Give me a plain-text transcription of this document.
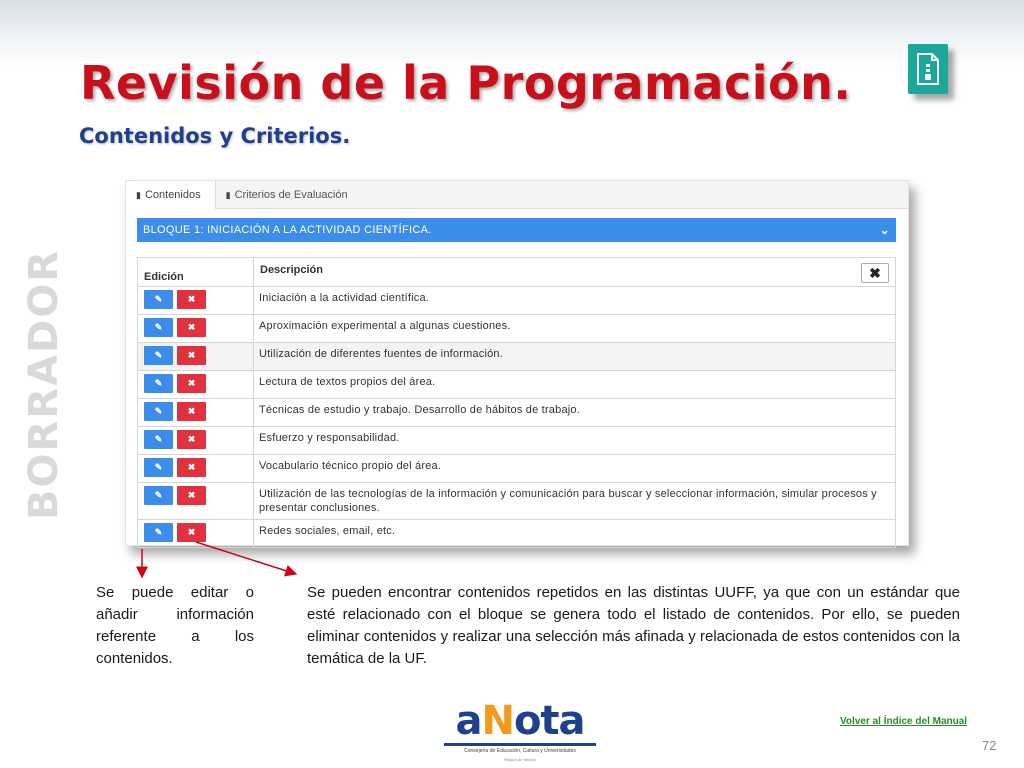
Revisión de la Programación.
Contenidos y Criterios.
BORRADOR
▮ Contenidos	▮ Criterios de Evaluación
BLOQUE 1: INICIACIÓN A LA ACTIVIDAD CIENTÍFICA.	⌄
Edición	Descripción ✖

✎ ✖	Iniciación a la actividad científica.

✎ ✖	Aproximación experimental a algunas cuestiones.

✎ ✖	Utilización de diferentes fuentes de información.

✎ ✖	Lectura de textos propios del área.

✎ ✖	Técnicas de estudio y trabajo. Desarrollo de hábitos de trabajo.

✎ ✖	Esfuerzo y responsabilidad.

✎ ✖	Vocabulario técnico propio del área.

✎ ✖	Utilización de las tecnologías de la información y comunicación para buscar y seleccionar información, simular procesos y presentar conclusiones.

✎ ✖	Redes sociales, email, etc.
Se puede editar o añadir información referente a los contenidos.
Se pueden encontrar contenidos repetidos en las distintas UUFF, ya que con un estándar que esté relacionado con el bloque se genera todo el listado de contenidos. Por ello, se pueden eliminar contenidos y realizar una selección más afinada y relacionada de estos contenidos con la temática de la UF.
aNota
Consejería de Educación, Cultura y Universidades
Región de Murcia
Volver al Índice del Manual
72
